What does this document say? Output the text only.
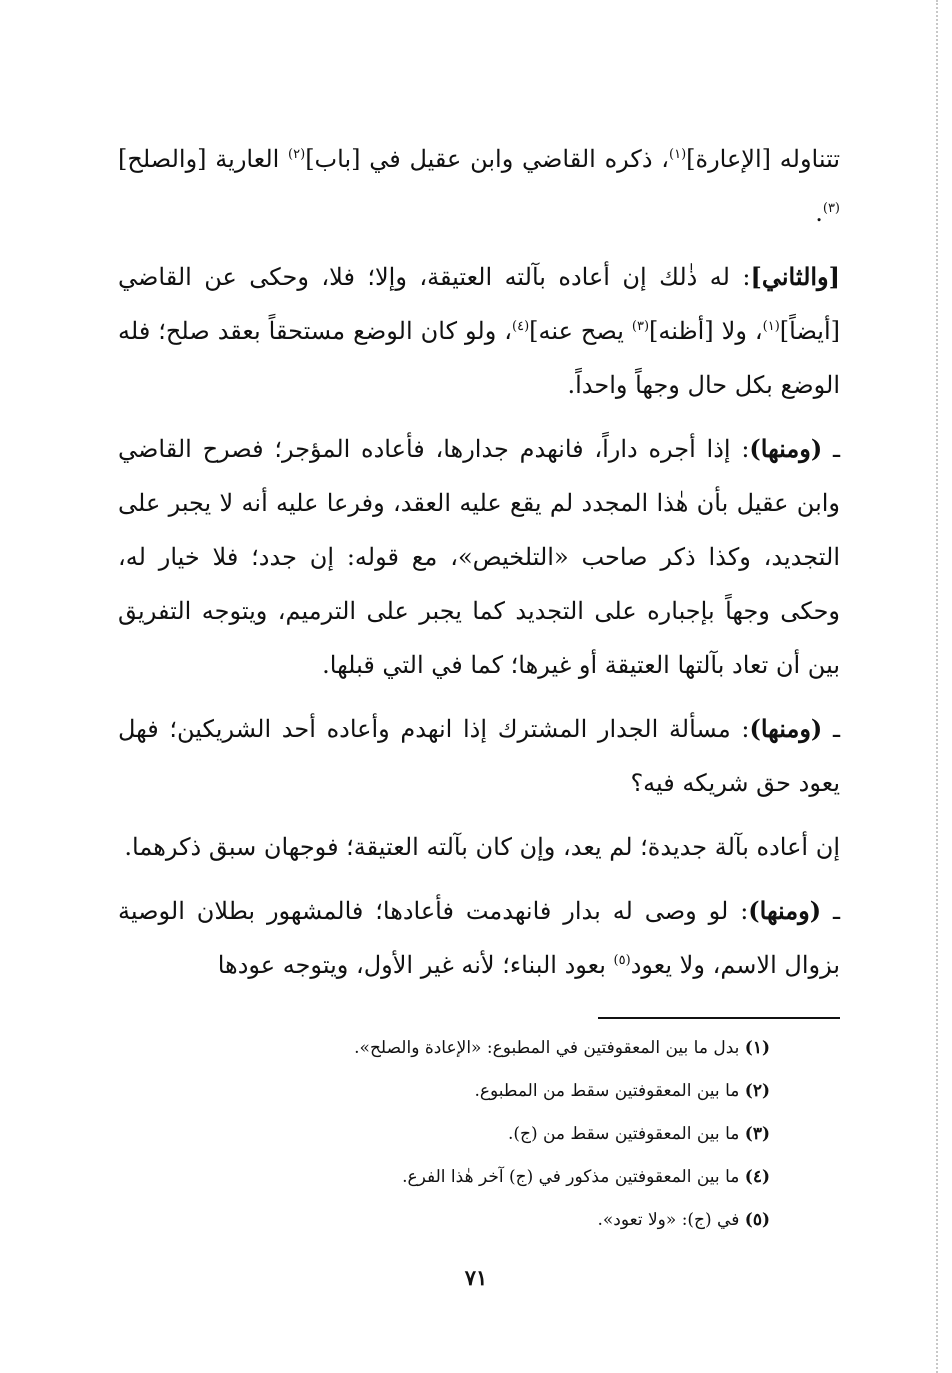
تتناوله [الإعارة]$^{(١)}$، ذكره القاضي وابن عقيل في [باب]$^{(٢)}$ العارية [والصلح]$^{(٣)}$.

[والثاني]: له ذٰلك إن أعاده بآلته العتيقة، وإلا؛ فلا، وحكى عن القاضي [أيضاً]$^{(١)}$، ولا [أظنه]$^{(٣)}$ يصح عنه]$^{(٤)}$، ولو كان الوضع مستحقاً بعقد صلح؛ فله الوضع بكل حال وجهاً واحداً.

ـ (ومنها): إذا أجره داراً، فانهدم جدارها، فأعاده المؤجر؛ فصرح القاضي وابن عقيل بأن هٰذا المجدد لم يقع عليه العقد، وفرعا عليه أنه لا يجبر على التجديد، وكذا ذكر صاحب «التلخيص»، مع قوله: إن جدد؛ فلا خيار له، وحكى وجهاً بإجباره على التجديد كما يجبر على الترميم، ويتوجه التفريق بين أن تعاد بآلتها العتيقة أو غيرها؛ كما في التي قبلها.

ـ (ومنها): مسألة الجدار المشترك إذا انهدم وأعاده أحد الشريكين؛ فهل يعود حق شريكه فيه؟

إن أعاده بآلة جديدة؛ لم يعد، وإن كان بآلته العتيقة؛ فوجهان سبق ذكرهما.

ـ (ومنها): لو وصى له بدار فانهدمت فأعادها؛ فالمشهور بطلان الوصية بزوال الاسم، ولا يعود$^{(٥)}$ بعود البناء؛ لأنه غير الأول، ويتوجه عودها

(١) بدل ما بين المعقوفتين في المطبوع: «الإعادة والصلح».

(٢) ما بين المعقوفتين سقط من المطبوع.

(٣) ما بين المعقوفتين سقط من (ج).

(٤) ما بين المعقوفتين مذكور في (ج) آخر هٰذا الفرع.

(٥) في (ج): «ولا تعود».

٧١
